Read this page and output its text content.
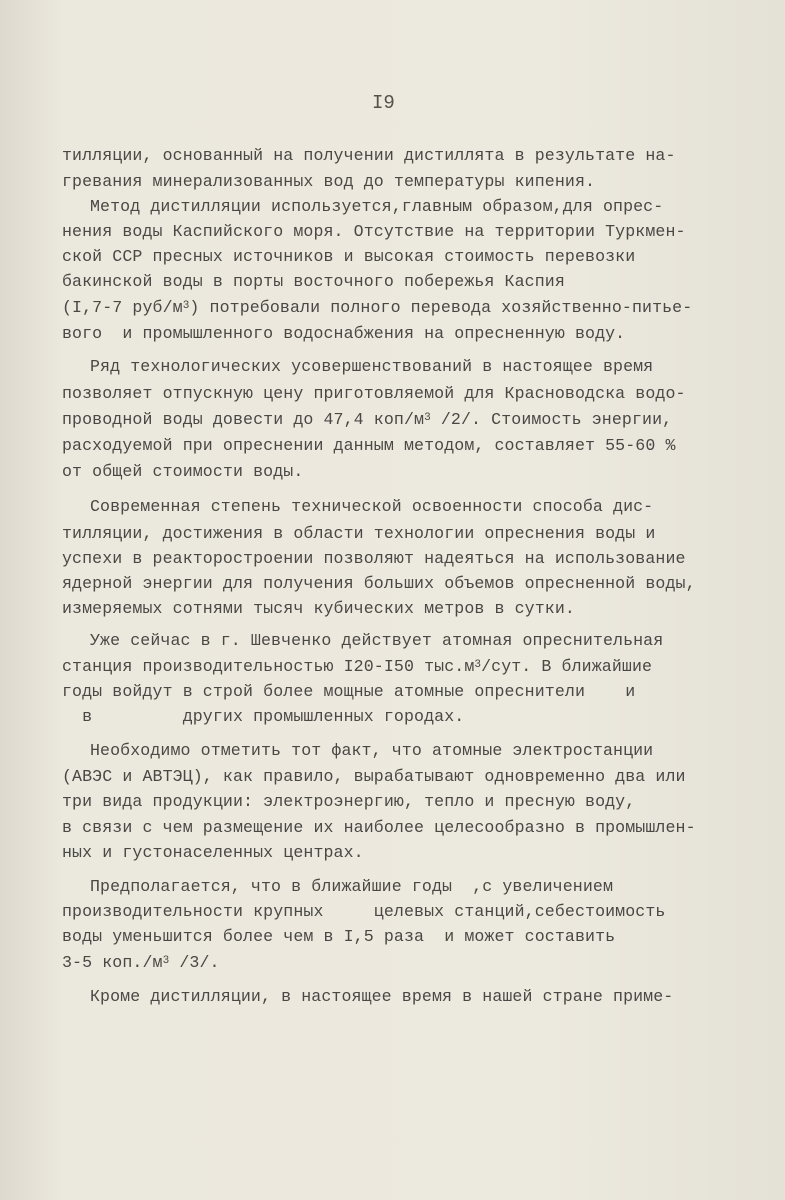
I9
тилляции, основанный на получении дистиллята в результате на-
гревания минерализованных вод до температуры кипения.
Метод дистилляции используется,главным образом,для опрес-
нения воды Каспийского моря. Отсутствие на территории Туркмен-
ской ССР пресных источников и высокая стоимость перевозки
бакинской воды в порты восточного побережья Каспия
(I,7-7 руб/$м^3$) потребовали полного перевода хозяйственно-питье-
вого  и промышленного водоснабжения на опресненную воду.
Ряд технологических усовершенствований в настоящее время
позволяет отпускную цену приготовляемой для Красноводска водо-
проводной воды довести до 47,4 коп/$м^3$ /2/. Стоимость энергии,
расходуемой при опреснении данным методом, составляет 55-60 %
от общей стоимости воды.
Современная степень технической освоенности способа дис-
тилляции, достижения в области технологии опреснения воды и
успехи в реакторостроении позволяют надеяться на использование
ядерной энергии для получения больших объемов опресненной воды,
измеряемых сотнями тысяч кубических метров в сутки.
Уже сейчас в г. Шевченко действует атомная опреснительная
станция производительностью I20-I50 $тыс.м^3$/сут. В ближайшие
годы войдут в строй более мощные атомные опреснители    и
в         других промышленных городах.
Необходимо отметить тот факт, что атомные электростанции
(АВЭС и АВТЭЦ), как правило, вырабатывают одновременно два или
три вида продукции: электроэнергию, тепло и пресную воду,
в связи с чем размещение их наиболее целесообразно в промышлен-
ных и густонаселенных центрах.
Предполагается, что в ближайшие годы  ,с увеличением
производительности крупных     целевых станций,себестоимость
воды уменьшится более чем в I,5 раза  и может составить
3-5 $коп./м^3$ /3/.
Кроме дистилляции, в настоящее время в нашей стране приме-
